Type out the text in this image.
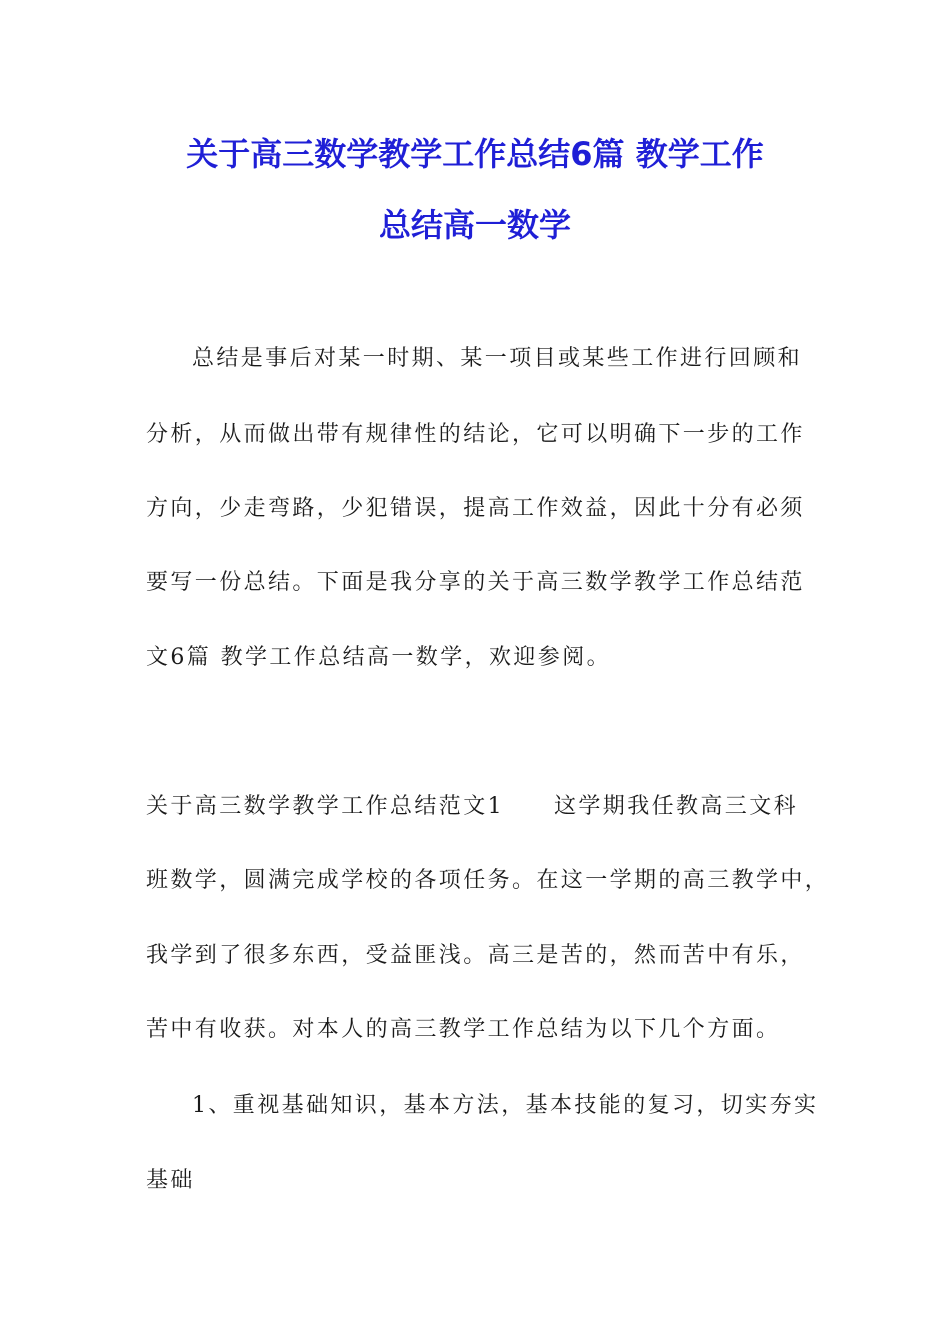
关于高三数学教学工作总结6篇 教学工作
总结高一数学

总结是事后对某一时期、某一项目或某些工作进行回顾和

分析，从而做出带有规律性的结论，它可以明确下一步的工作

方向，少走弯路，少犯错误，提高工作效益，因此十分有必须

要写一份总结。下面是我分享的关于高三数学教学工作总结范

文6篇 教学工作总结高一数学，欢迎参阅。

关于高三数学教学工作总结范文1 这学期我任教高三文科

班数学，圆满完成学校的各项任务。在这一学期的高三教学中，

我学到了很多东西，受益匪浅。高三是苦的，然而苦中有乐，

苦中有收获。对本人的高三教学工作总结为以下几个方面。

1、重视基础知识，基本方法，基本技能的复习，切实夯实

基础
